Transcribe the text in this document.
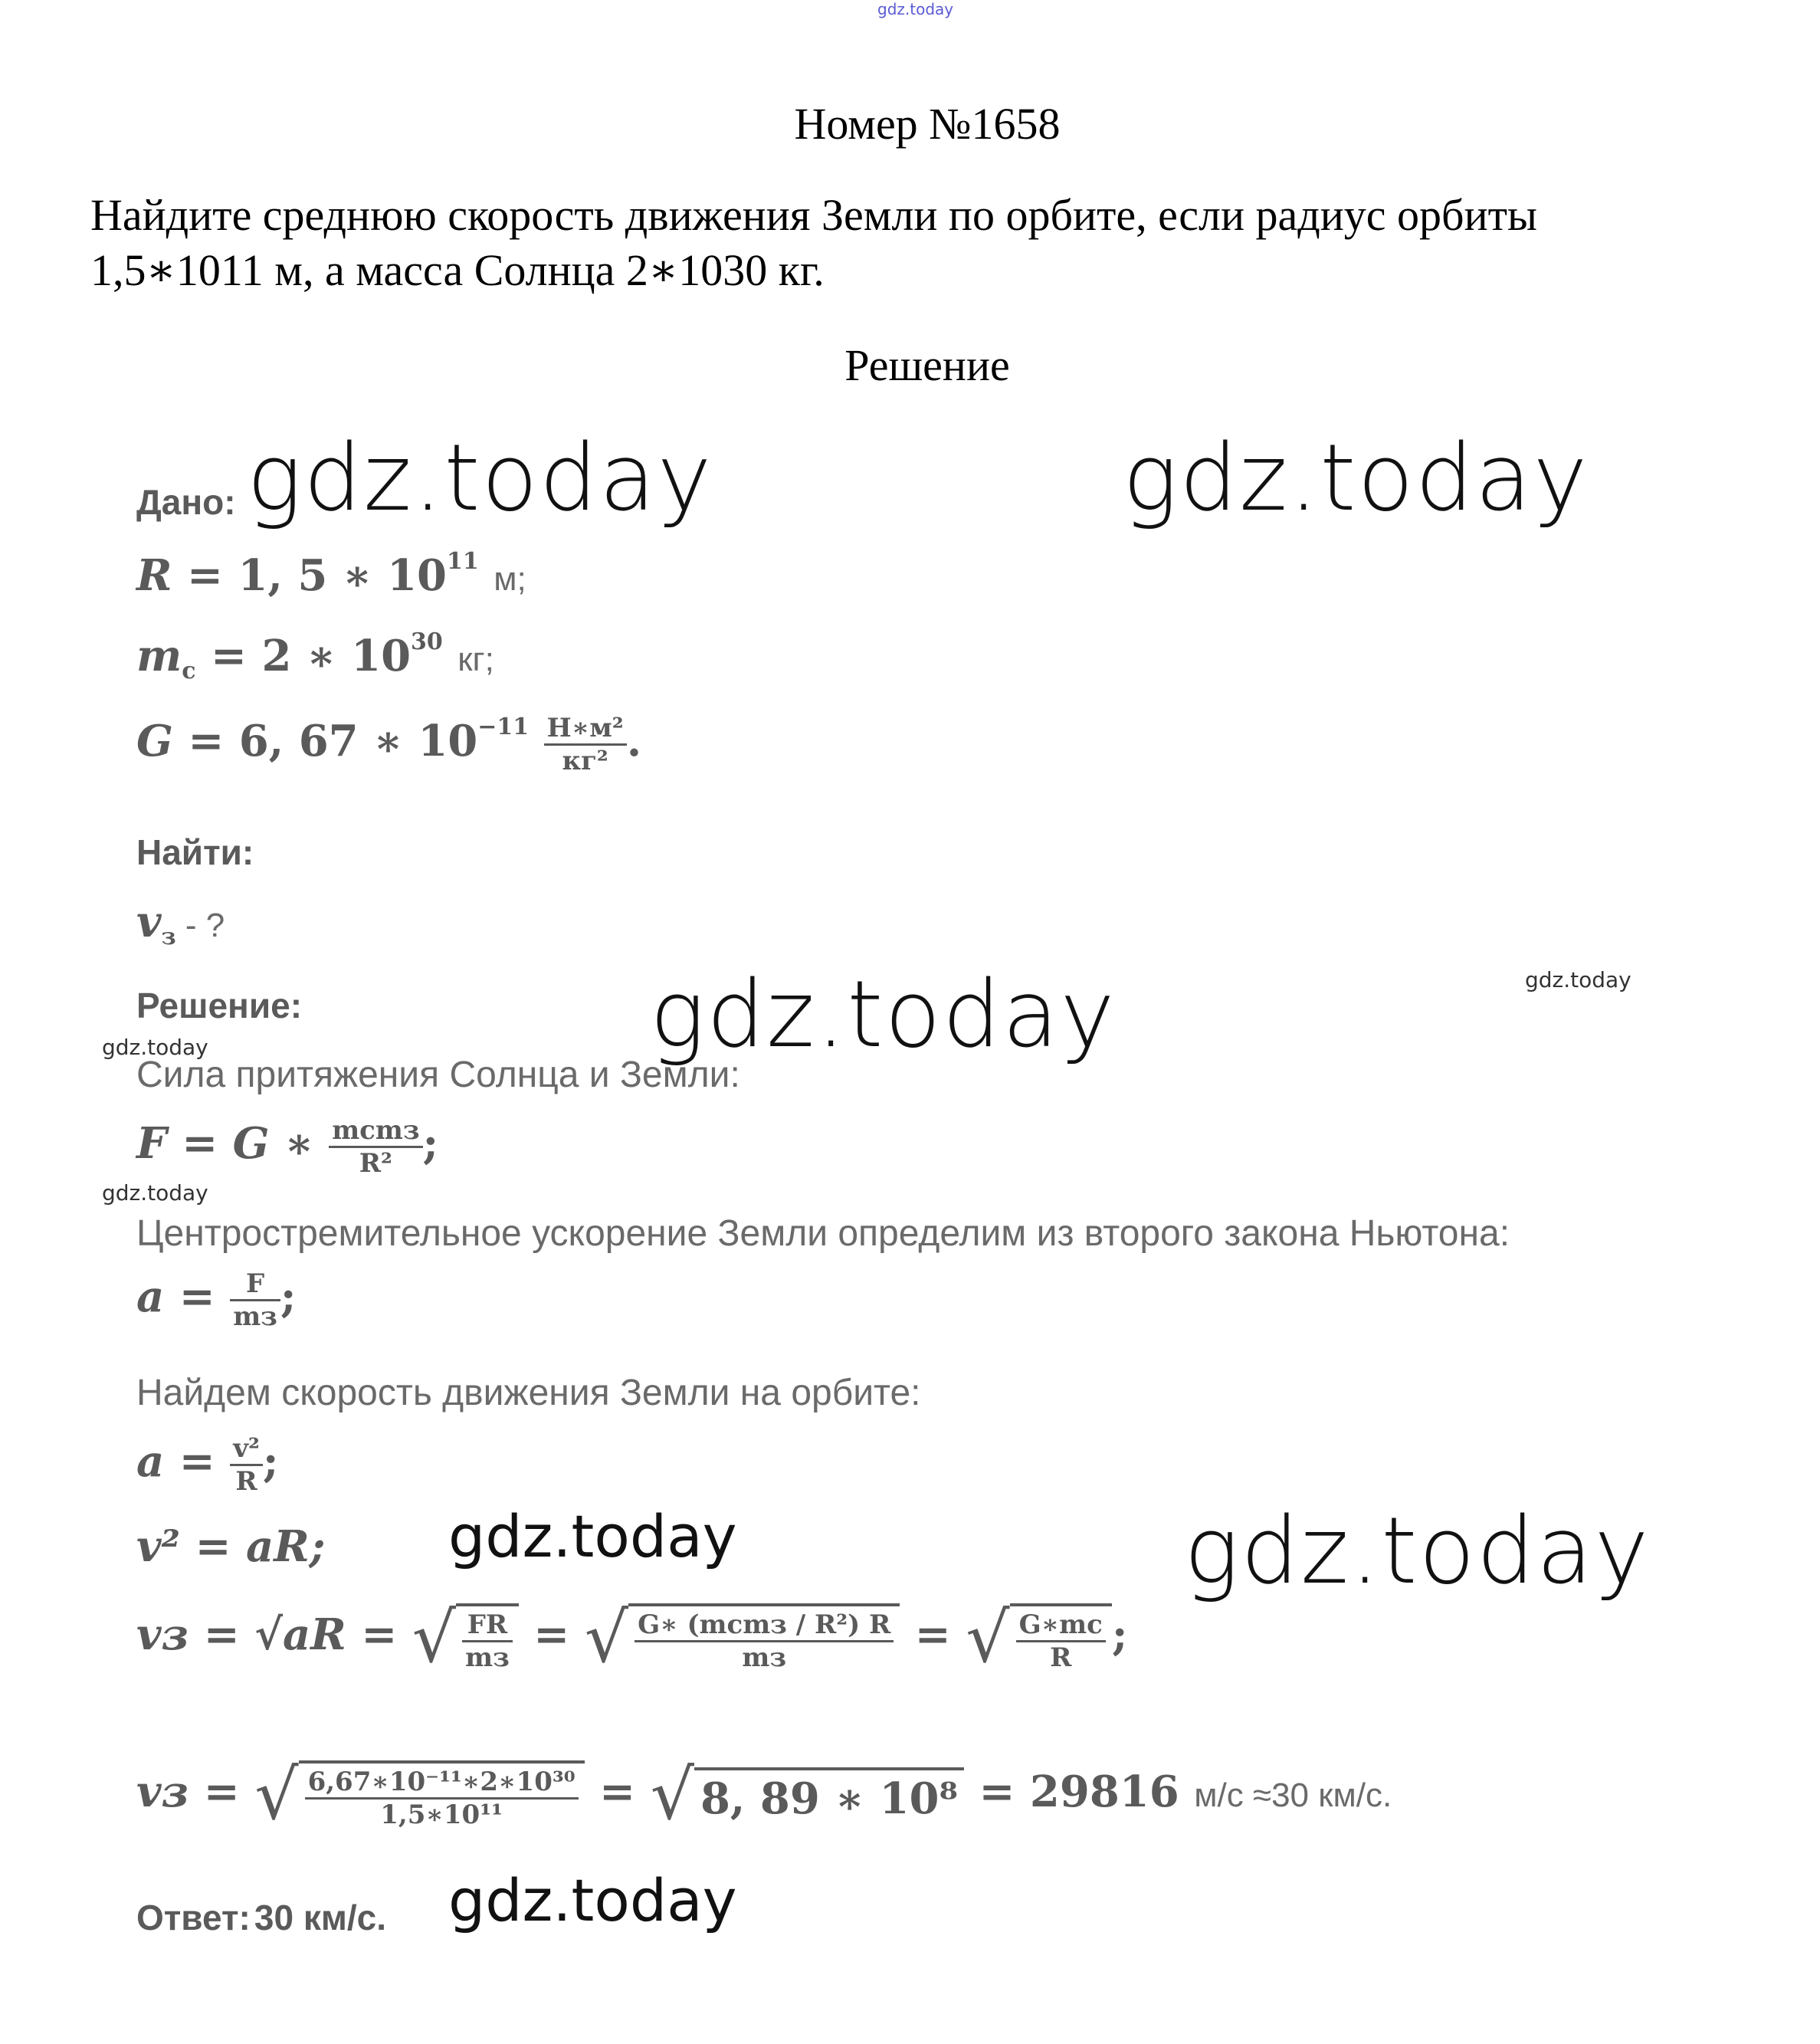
gdz.today
Номер №1658
Найдите среднюю скорость движения Земли по орбите, если радиус орбиты 1,5∗1011 м, а масса Солнца 2∗1030 кг.
Решение
Дано:
R = 1, 5 ∗ $10^{11}$ м;
$m_с = 2$ ∗ $10^{30}$ кг;
G = 6, 67 ∗ $10^{-11} \frac{\text{Н∗м²}}{\text{кг²}}$ .
Найти:
$v_з$ - ?
Решение:
Сила притяжения Солнца и Земли:
F = G ∗ $\frac{\text{mсmз}}{\text{R²}}$ ;
Центростремительное ускорение Земли определим из второго закона Ньютона:
$a = \frac{F}{mз}$ ;
Найдем скорость движения Земли на орбите:
$a = \frac{\text{v²}}{R}$ ;
v² = aR;
vз = √aR = √ $\frac{FR}{mз}$ = √ $\frac{\text{G∗ (mсmз / R²) R}}{mз}$ = √ $\frac{G∗mс}{R}$ ;
vз = √ $\frac{\text{6,67∗10⁻¹¹∗2∗10³⁰}}{\text{1,5∗10¹¹}}$ = √ 8, 89 ∗ 10⁸ = 29816 м/с ≈30 км/с.
Ответ: 30 км/с.
gdz.today	gdz.today
gdz.today	gdz.today
gdz.today
gdz.today
gdz.today	gdz.today
gdz.today
